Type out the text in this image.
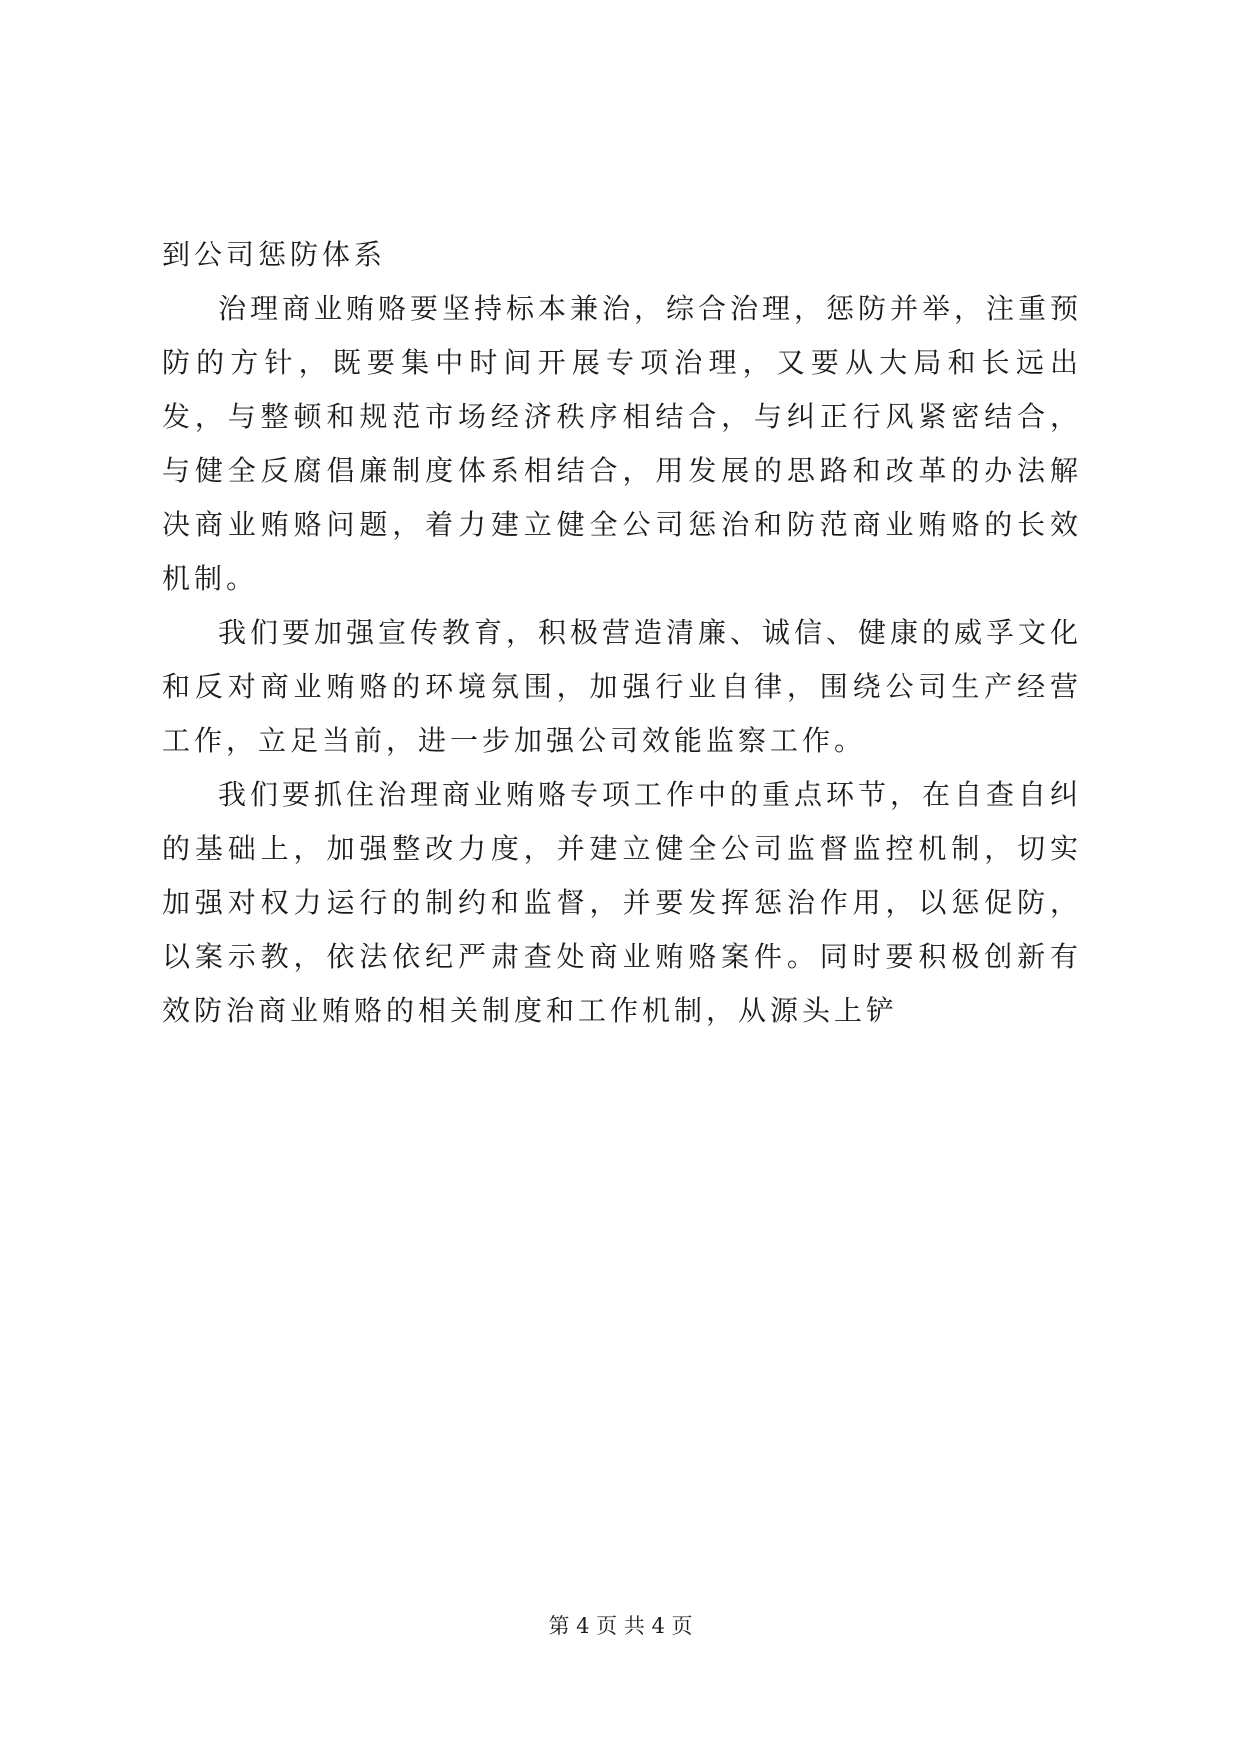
到公司惩防体系

治理商业贿赂要坚持标本兼治，综合治理，惩防并举，注重预防的方针，既要集中时间开展专项治理，又要从大局和长远出发，与整顿和规范市场经济秩序相结合，与纠正行风紧密结合，与健全反腐倡廉制度体系相结合，用发展的思路和改革的办法解决商业贿赂问题，着力建立健全公司惩治和防范商业贿赂的长效机制。

我们要加强宣传教育，积极营造清廉、诚信、健康的威孚文化和反对商业贿赂的环境氛围，加强行业自律，围绕公司生产经营工作，立足当前，进一步加强公司效能监察工作。

我们要抓住治理商业贿赂专项工作中的重点环节，在自查自纠的基础上，加强整改力度，并建立健全公司监督监控机制，切实加强对权力运行的制约和监督，并要发挥惩治作用，以惩促防，以案示教，依法依纪严肃查处商业贿赂案件。同时要积极创新有效防治商业贿赂的相关制度和工作机制，从源头上铲

第 4 页 共 4 页
